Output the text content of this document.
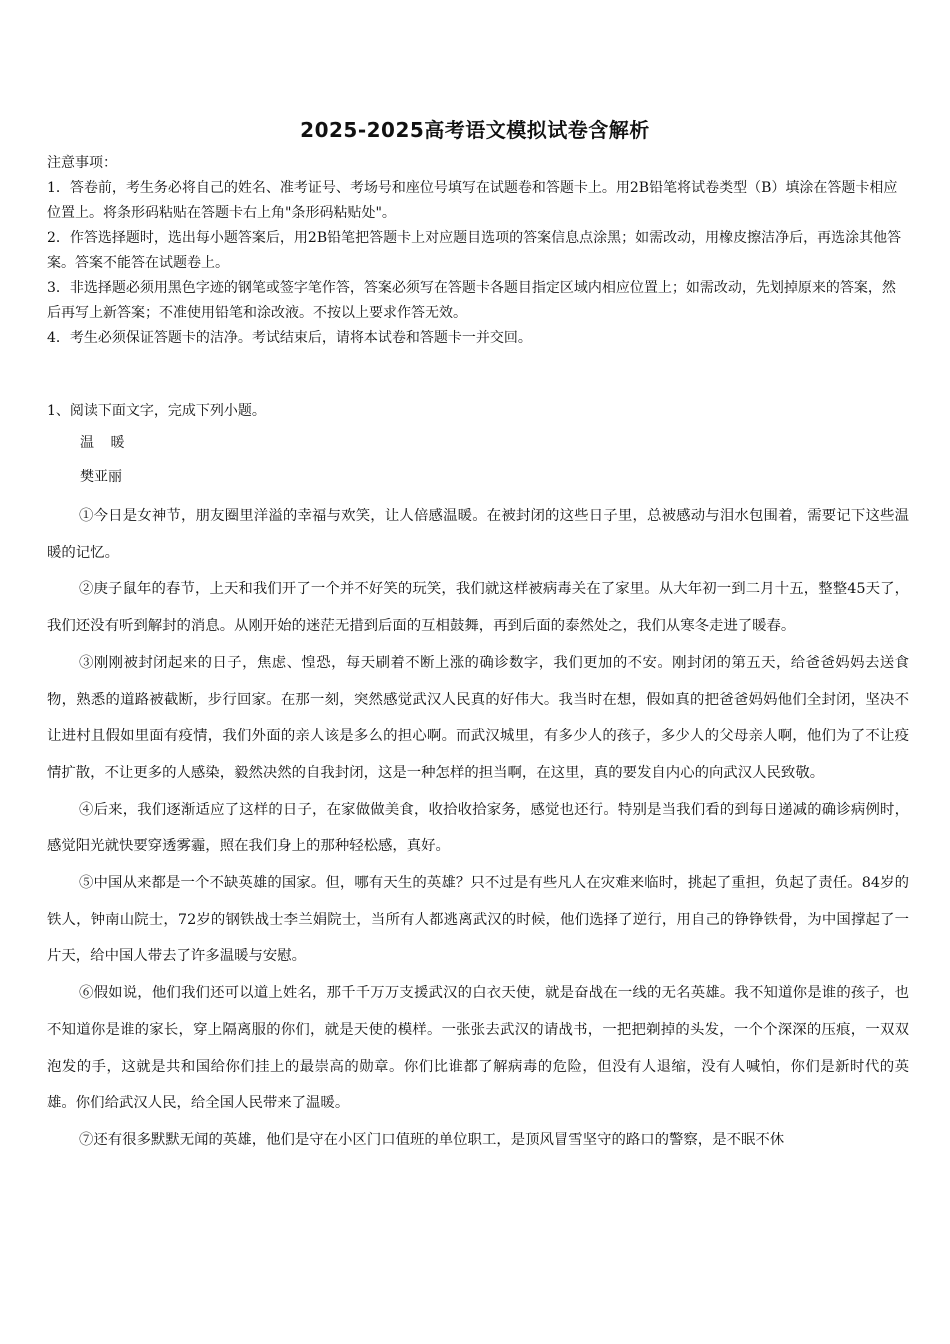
2025-2025高考语文模拟试卷含解析

注意事项：

1．答卷前，考生务必将自己的姓名、准考证号、考场号和座位号填写在试题卷和答题卡上。用2B铅笔将试卷类型（B）填涂在答题卡相应位置上。将条形码粘贴在答题卡右上角"条形码粘贴处"。

2．作答选择题时，选出每小题答案后，用2B铅笔把答题卡上对应题目选项的答案信息点涂黑；如需改动，用橡皮擦洁净后，再选涂其他答案。答案不能答在试题卷上。

3．非选择题必须用黑色字迹的钢笔或签字笔作答，答案必须写在答题卡各题目指定区域内相应位置上；如需改动，先划掉原来的答案，然后再写上新答案；不准使用铅笔和涂改液。不按以上要求作答无效。

4．考生必须保证答题卡的洁净。考试结束后，请将本试卷和答题卡一并交回。

1、阅读下面文字，完成下列小题。
温 暖
樊亚丽

①今日是女神节，朋友圈里洋溢的幸福与欢笑，让人倍感温暖。在被封闭的这些日子里，总被感动与泪水包围着，需要记下这些温暖的记忆。

②庚子鼠年的春节，上天和我们开了一个并不好笑的玩笑，我们就这样被病毒关在了家里。从大年初一到二月十五，整整45天了，我们还没有听到解封的消息。从刚开始的迷茫无措到后面的互相鼓舞，再到后面的泰然处之，我们从寒冬走进了暖春。

③刚刚被封闭起来的日子，焦虑、惶恐，每天刷着不断上涨的确诊数字，我们更加的不安。刚封闭的第五天，给爸爸妈妈去送食物，熟悉的道路被截断，步行回家。在那一刻，突然感觉武汉人民真的好伟大。我当时在想，假如真的把爸爸妈妈他们全封闭，坚决不让进村且假如里面有疫情，我们外面的亲人该是多么的担心啊。而武汉城里，有多少人的孩子，多少人的父母亲人啊，他们为了不让疫情扩散，不让更多的人感染，毅然决然的自我封闭，这是一种怎样的担当啊，在这里，真的要发自内心的向武汉人民致敬。

④后来，我们逐渐适应了这样的日子，在家做做美食，收拾收拾家务，感觉也还行。特别是当我们看的到每日递减的确诊病例时，感觉阳光就快要穿透雾霾，照在我们身上的那种轻松感，真好。

⑤中国从来都是一个不缺英雄的国家。但，哪有天生的英雄？只不过是有些凡人在灾难来临时，挑起了重担，负起了责任。84岁的铁人，钟南山院士，72岁的钢铁战士李兰娟院士，当所有人都逃离武汉的时候，他们选择了逆行，用自己的铮铮铁骨，为中国撑起了一片天，给中国人带去了许多温暖与安慰。

⑥假如说，他们我们还可以道上姓名，那千千万万支援武汉的白衣天使，就是奋战在一线的无名英雄。我不知道你是谁的孩子，也不知道你是谁的家长，穿上隔离服的你们，就是天使的模样。一张张去武汉的请战书，一把把剃掉的头发，一个个深深的压痕，一双双泡发的手，这就是共和国给你们挂上的最崇高的勋章。你们比谁都了解病毒的危险，但没有人退缩，没有人喊怕，你们是新时代的英雄。你们给武汉人民，给全国人民带来了温暖。

⑦还有很多默默无闻的英雄，他们是守在小区门口值班的单位职工，是顶风冒雪坚守的路口的警察，是不眠不休
